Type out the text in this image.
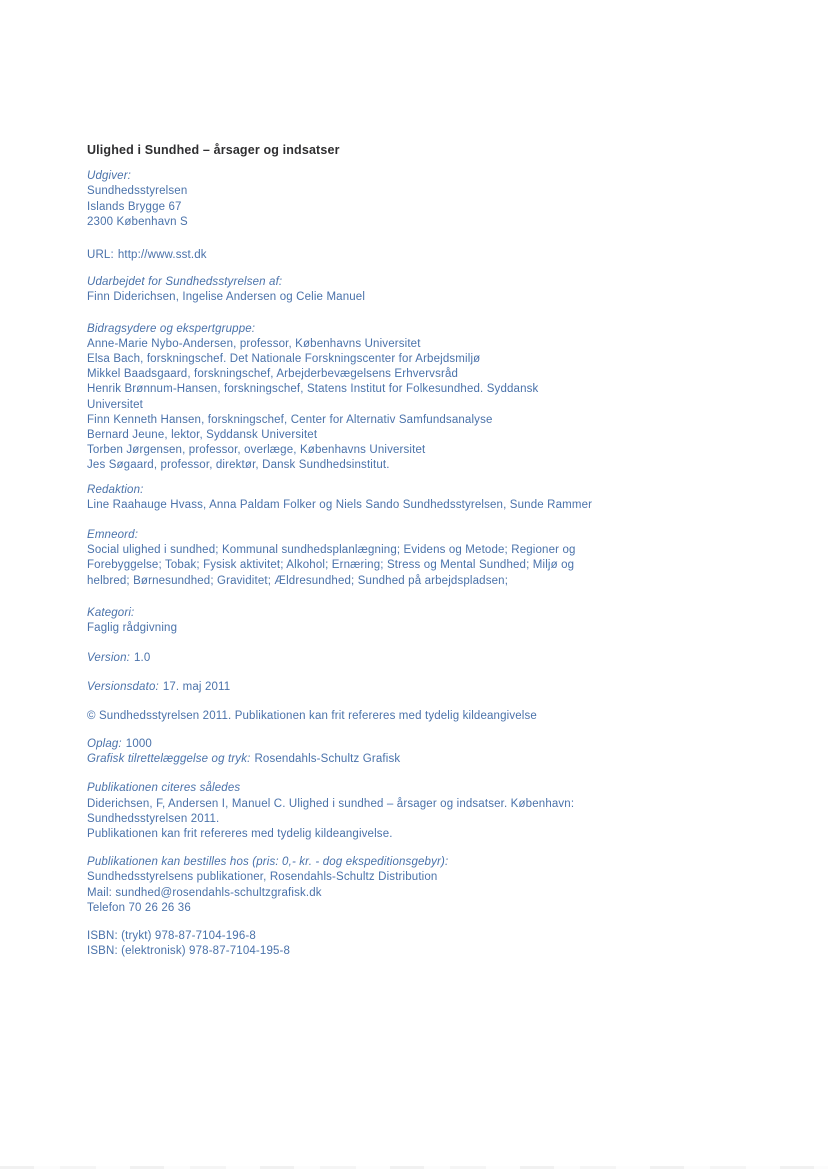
Ulighed i Sundhed – årsager og indsatser
Udgiver:
Sundhedsstyrelsen
Islands Brygge 67
2300 København S
URL: http://www.sst.dk
Udarbejdet for Sundhedsstyrelsen af:
Finn Diderichsen, Ingelise Andersen og Celie Manuel
Bidragsydere og ekspertgruppe:
Anne-Marie Nybo-Andersen, professor, Københavns Universitet
Elsa Bach, forskningschef. Det Nationale Forskningscenter for Arbejdsmiljø
Mikkel Baadsgaard, forskningschef, Arbejderbevægelsens Erhvervsråd
Henrik Brønnum-Hansen, forskningschef, Statens Institut for Folkesundhed. Syddansk
Universitet
Finn Kenneth Hansen, forskningschef, Center for Alternativ Samfundsanalyse
Bernard Jeune, lektor, Syddansk Universitet
Torben Jørgensen, professor, overlæge, Københavns Universitet
Jes Søgaard, professor, direktør, Dansk Sundhedsinstitut.
Redaktion:
Line Raahauge Hvass, Anna Paldam Folker og Niels Sando Sundhedsstyrelsen, Sunde Rammer
Emneord:
Social ulighed i sundhed; Kommunal sundhedsplanlægning; Evidens og Metode; Regioner og
Forebyggelse; Tobak; Fysisk aktivitet; Alkohol; Ernæring; Stress og Mental Sundhed; Miljø og
helbred; Børnesundhed; Graviditet; Ældresundhed; Sundhed på arbejdspladsen;
Kategori:
Faglig rådgivning
Version: 1.0
Versionsdato: 17. maj 2011
© Sundhedsstyrelsen 2011. Publikationen kan frit refereres med tydelig kildeangivelse
Oplag: 1000
Grafisk tilrettelæggelse og tryk: Rosendahls-Schultz Grafisk
Publikationen citeres således
Diderichsen, F, Andersen I, Manuel C. Ulighed i sundhed – årsager og indsatser. København:
Sundhedsstyrelsen 2011.
Publikationen kan frit refereres med tydelig kildeangivelse.
Publikationen kan bestilles hos (pris: 0,- kr. - dog ekspeditionsgebyr):
Sundhedsstyrelsens publikationer, Rosendahls-Schultz Distribution
Mail: sundhed@rosendahls-schultzgrafisk.dk
Telefon 70 26 26 36
ISBN: (trykt) 978-87-7104-196-8
ISBN: (elektronisk) 978-87-7104-195-8
